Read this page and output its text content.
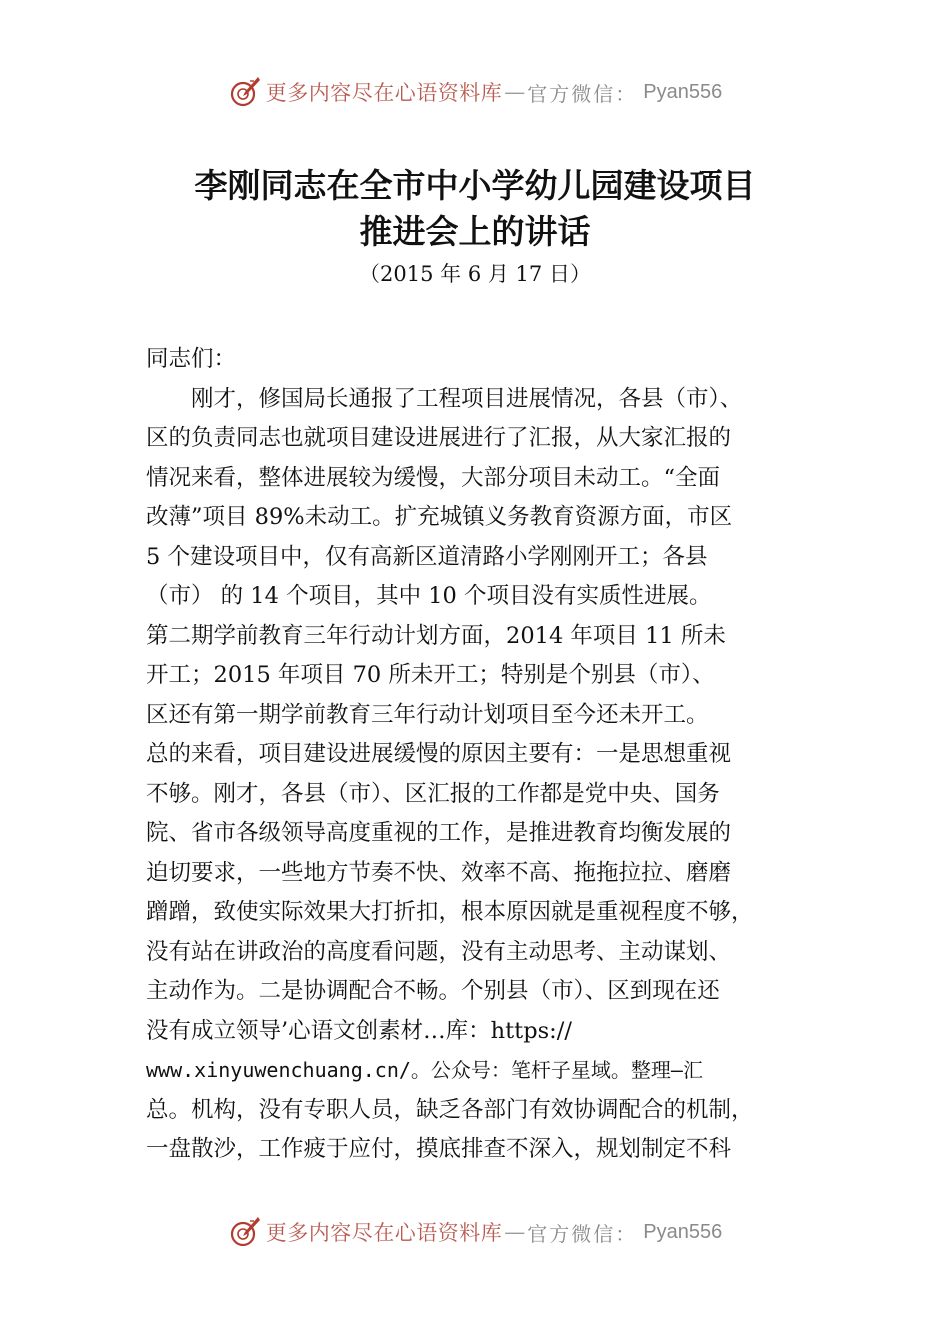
更多内容尽在心语资料库 — 官方微信： Pyan556
李刚同志在全市中小学幼儿园建设项目
推进会上的讲话
（2015 年 6 月 17 日）
同志们：
　　刚才，修国局长通报了工程项目进展情况，各县（市）、
区的负责同志也就项目建设进展进行了汇报，从大家汇报的
情况来看，整体进展较为缓慢，大部分项目未动工。“全面
改薄”项目 89%未动工。扩充城镇义务教育资源方面，市区
5 个建设项目中，仅有高新区道清路小学刚刚开工；各县
（市） 的 14 个项目，其中 10 个项目没有实质性进展。
第二期学前教育三年行动计划方面，2014 年项目 11 所未
开工；2015 年项目 70 所未开工；特别是个别县（市）、
区还有第一期学前教育三年行动计划项目至今还未开工。
总的来看，项目建设进展缓慢的原因主要有：一是思想重视
不够。刚才，各县（市）、区汇报的工作都是党中央、国务
院、省市各级领导高度重视的工作，是推进教育均衡发展的
迫切要求，一些地方节奏不快、效率不高、拖拖拉拉、磨磨
蹭蹭，致使实际效果大打折扣，根本原因就是重视程度不够，
没有站在讲政治的高度看问题，没有主动思考、主动谋划、
主动作为。二是协调配合不畅。个别县（市）、区到现在还
没有成立领导’心语文创素材…库：https://
www.xinyuwenchuang.cn/。公众号：笔杆子星域。整理—汇
总。机构，没有专职人员，缺乏各部门有效协调配合的机制，
一盘散沙，工作疲于应付，摸底排查不深入，规划制定不科
更多内容尽在心语资料库 — 官方微信： Pyan556
